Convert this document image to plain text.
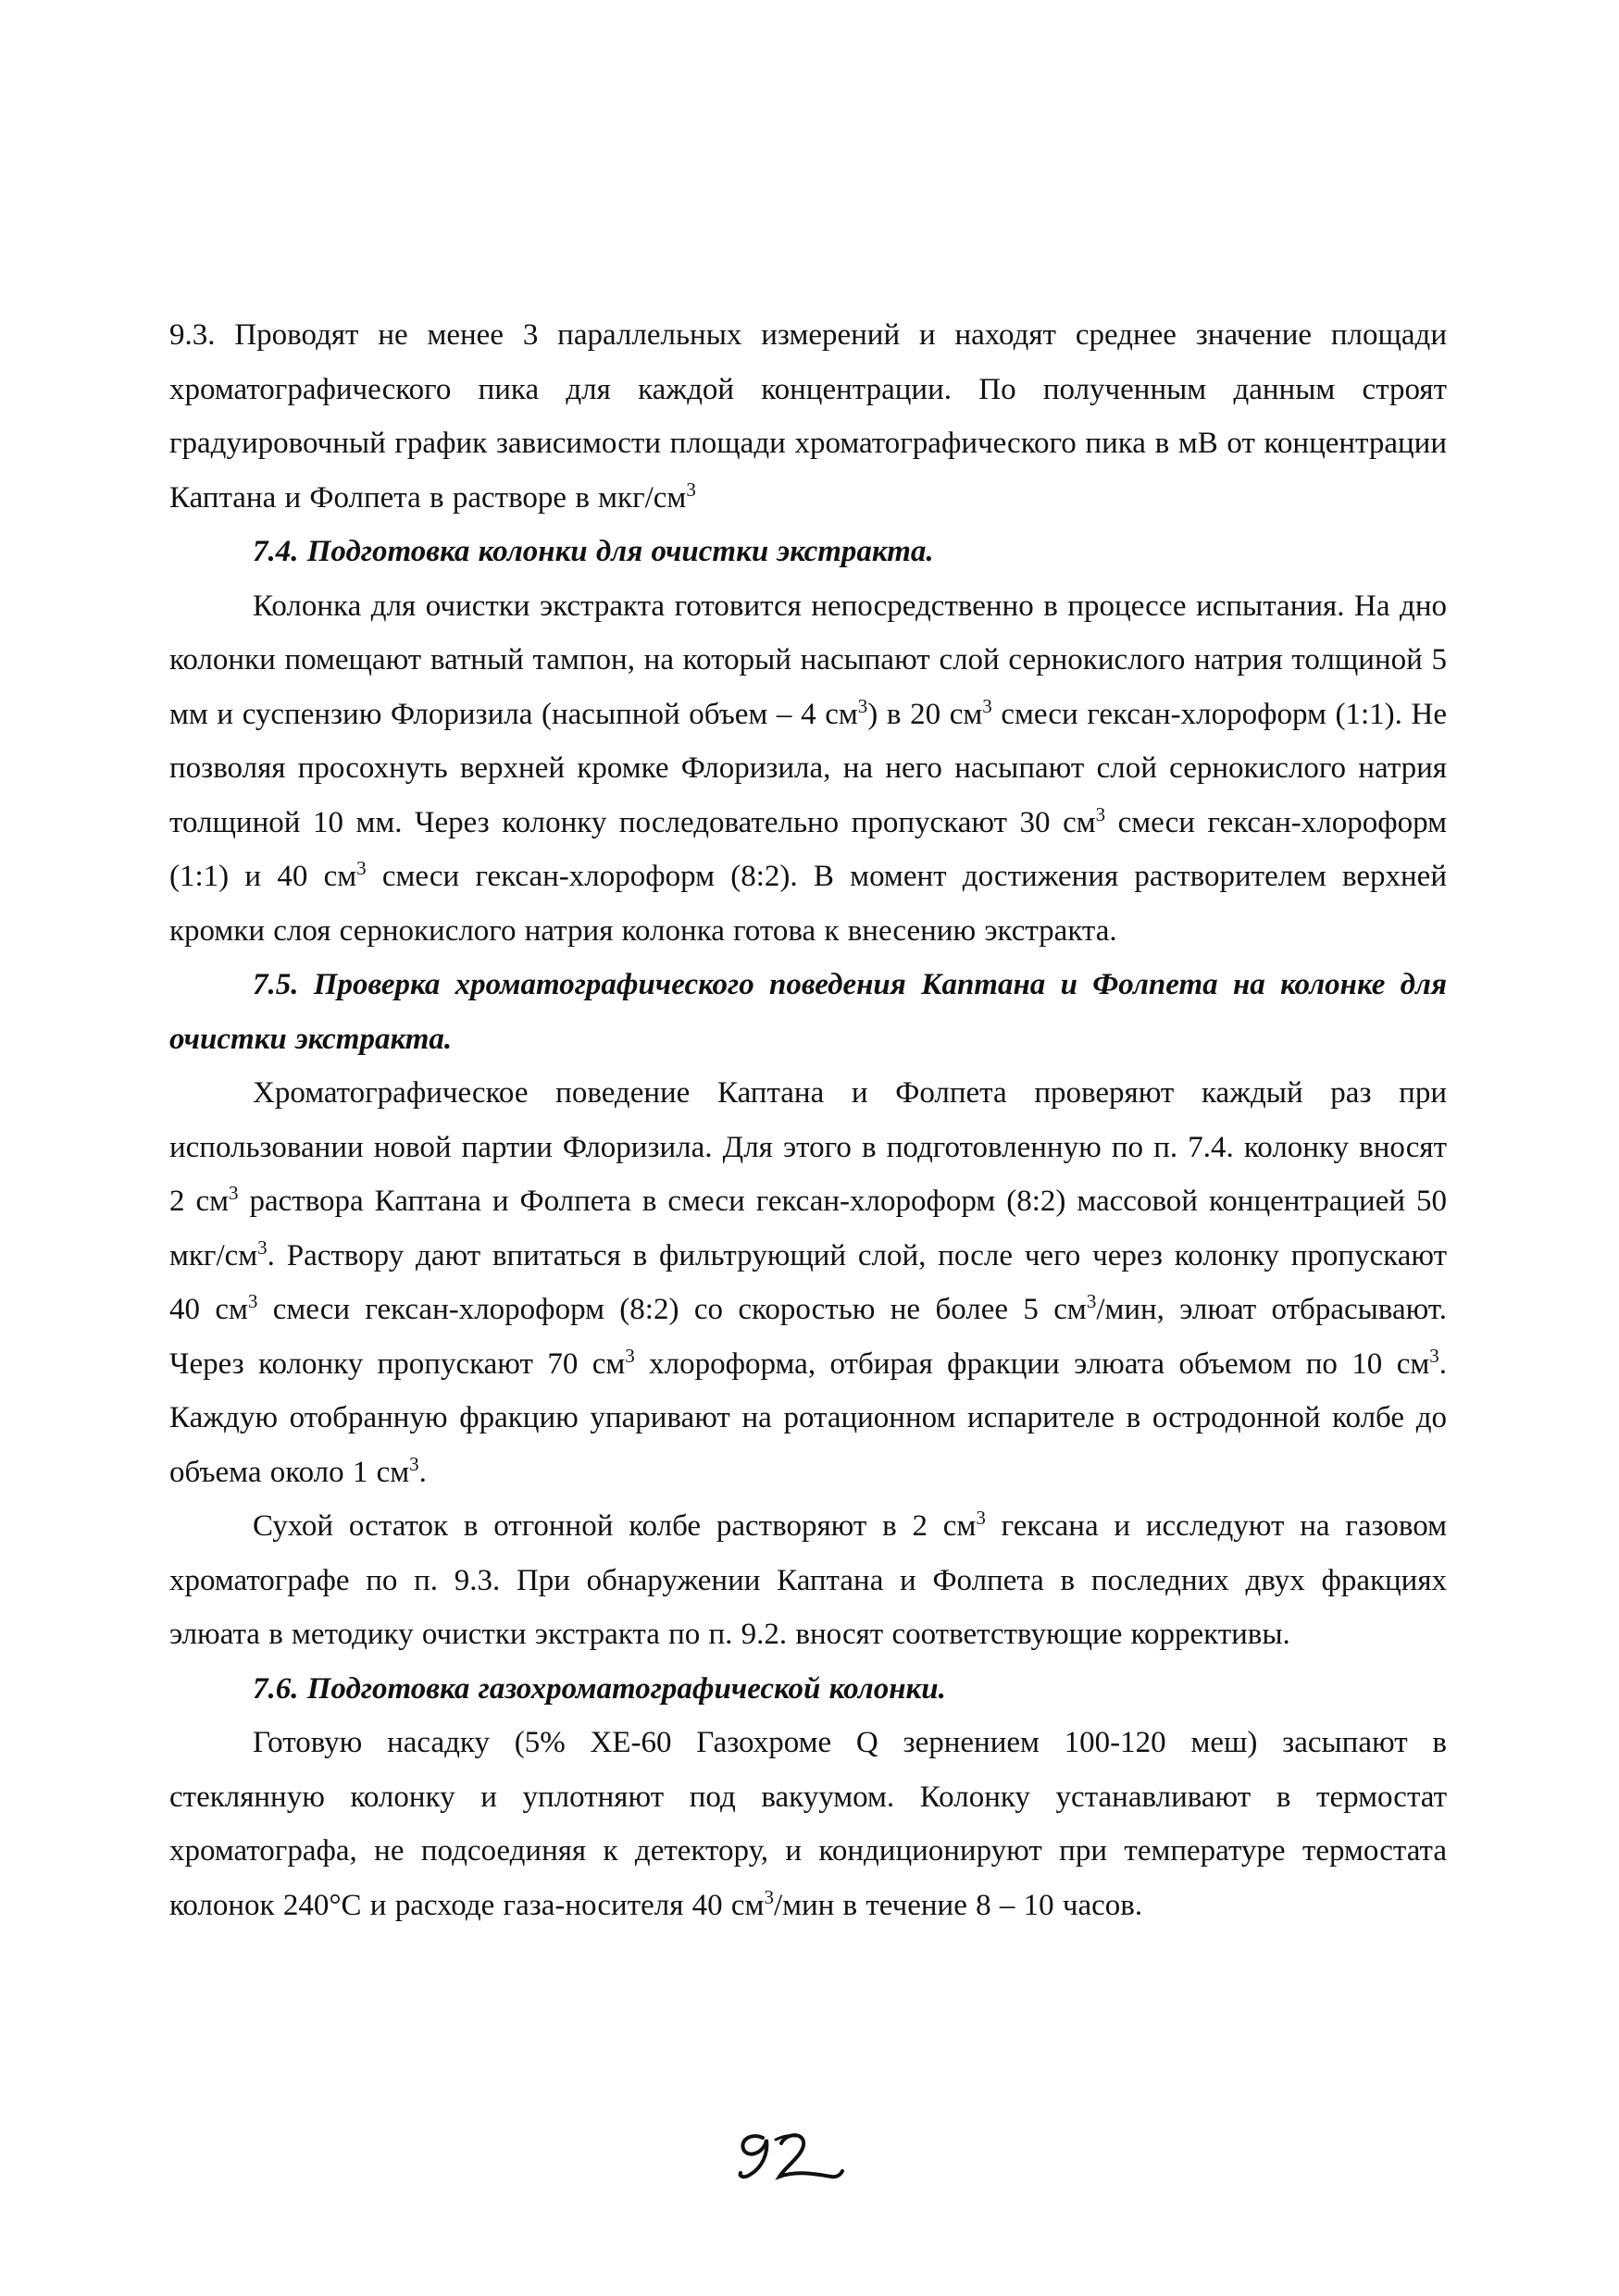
9.3. Проводят не менее 3 параллельных измерений и находят среднее значение площади хроматографического пика для каждой концентрации. По полученным данным строят градуировочный график зависимости площади хроматографического пика в мВ от концентрации Каптана и Фолпета в растворе в мкг/$см^3$

7.4. Подготовка колонки для очистки экстракта.

Колонка для очистки экстракта готовится непосредственно в процессе испытания. На дно колонки помещают ватный тампон, на который насыпают слой сернокислого натрия толщиной 5 мм и суспензию Флоризила (насыпной объем – 4 $см^3$) в 20 $см^3$ смеси гексан-хлороформ (1:1). Не позволяя просохнуть верхней кромке Флоризила, на него насыпают слой сернокислого натрия толщиной 10 мм. Через колонку последовательно пропускают 30 $см^3$ смеси гексан-хлороформ (1:1) и 40 $см^3$ смеси гексан-хлороформ (8:2). В момент достижения растворителем верхней кромки слоя сернокислого натрия колонка готова к внесению экстракта.

7.5. Проверка хроматографического поведения Каптана и Фолпета на колонке для очистки экстракта.

Хроматографическое поведение Каптана и Фолпета проверяют каждый раз при использовании новой партии Флоризила. Для этого в подготовленную по п. 7.4. колонку вносят 2 $см^3$ раствора Каптана и Фолпета в смеси гексан-хлороформ (8:2) массовой концентрацией 50 мкг/$см^3$. Раствору дают впитаться в фильтрующий слой, после чего через колонку пропускают 40 $см^3$ смеси гексан-хлороформ (8:2) со скоростью не более 5 $см^3$/мин, элюат отбрасывают. Через колонку пропускают 70 $см^3$ хлороформа, отбирая фракции элюата объемом по 10 $см^3$. Каждую отобранную фракцию упаривают на ротационном испарителе в остродонной колбе до объема около 1 $см^3$.

Сухой остаток в отгонной колбе растворяют в 2 $см^3$ гексана и исследуют на газовом хроматографе по п. 9.3. При обнаружении Каптана и Фолпета в последних двух фракциях элюата в методику очистки экстракта по п. 9.2. вносят соответствующие коррективы.

7.6. Подготовка газохроматографической колонки.

Готовую насадку (5% XE-60 Газохроме Q зернением 100-120 меш) засыпают в стеклянную колонку и уплотняют под вакуумом. Колонку устанавливают в термостат хроматографа, не подсоединяя к детектору, и кондиционируют при температуре термостата колонок 240°С и расходе газа-носителя 40 $см^3$/мин в течение 8 – 10 часов.
